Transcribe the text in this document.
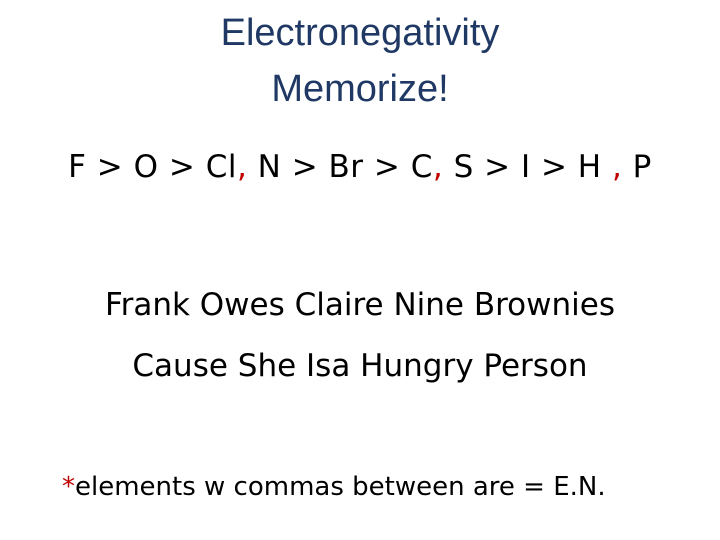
Electronegativity
Memorize!
F > O > Cl, N > Br > C, S > I > H , P
Frank Owes Claire Nine Brownies
Cause She Isa Hungry Person
*elements w commas between are = E.N.
